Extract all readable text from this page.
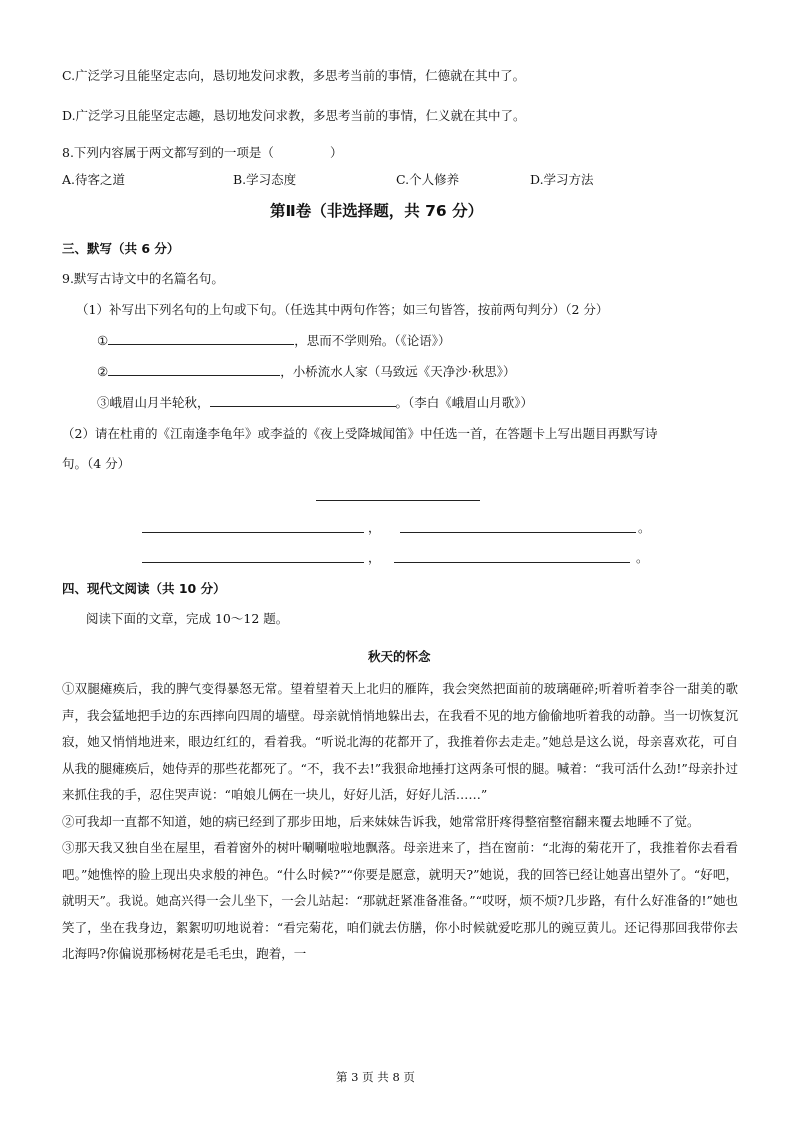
C.广泛学习且能坚定志向，恳切地发问求教，多思考当前的事情，仁德就在其中了。
D.广泛学习且能坚定志趣，恳切地发问求教，多思考当前的事情，仁义就在其中了。
8.下列内容属于两文都写到的一项是（	）
A.待客之道	B.学习态度	C.个人修养	D.学习方法
第Ⅱ卷（非选择题，共 76 分）
三、默写（共 6 分）
9.默写古诗文中的名篇名句。
（1）补写出下列名句的上句或下句。（任选其中两句作答；如三句皆答，按前两句判分）（2 分）
①	，思而不学则殆。（《论语》）
②	，小桥流水人家（马致远《天净沙·秋思》）
③峨眉山月半轮秋，	。（李白《峨眉山月歌》）
（2）请在杜甫的《江南逢李龟年》或李益的《夜上受降城闻笛》中任选一首，在答题卡上写出题目再默写诗
句。（4 分）
，	。
，	。
四、现代文阅读（共 10 分）
阅读下面的文章，完成 10～12 题。
秋天的怀念

①双腿瘫痪后，我的脾气变得暴怒无常。望着望着天上北归的雁阵，我会突然把面前的玻璃砸碎;听着听着李谷一甜美的歌声，我会猛地把手边的东西摔向四周的墙壁。母亲就悄悄地躲出去，在我看不见的地方偷偷地听着我的动静。当一切恢复沉寂，她又悄悄地进来，眼边红红的，看着我。“听说北海的花都开了，我推着你去走走。”她总是这么说，母亲喜欢花，可自从我的腿瘫痪后，她侍弄的那些花都死了。“不，我不去!”我狠命地捶打这两条可恨的腿。喊着：“我可活什么劲!”母亲扑过来抓住我的手，忍住哭声说：“咱娘儿俩在一块儿，好好儿活，好好儿活……”

②可我却一直都不知道，她的病已经到了那步田地，后来妹妹告诉我，她常常肝疼得整宿整宿翻来覆去地睡不了觉。

③那天我又独自坐在屋里，看着窗外的树叶唰唰啦啦地飘落。母亲进来了，挡在窗前：“北海的菊花开了，我推着你去看看吧。”她憔悴的脸上现出央求般的神色。“什么时候?”“你要是愿意，就明天?”她说，我的回答已经让她喜出望外了。“好吧，就明天”。我说。她高兴得一会儿坐下，一会儿站起：“那就赶紧准备准备。”“哎呀，烦不烦?几步路，有什么好准备的!”她也笑了，坐在我身边，絮絮叨叨地说着：“看完菊花，咱们就去仿膳，你小时候就爱吃那儿的豌豆黄儿。还记得那回我带你去北海吗?你偏说那杨树花是毛毛虫，跑着，一

第 3 页 共 8 页
